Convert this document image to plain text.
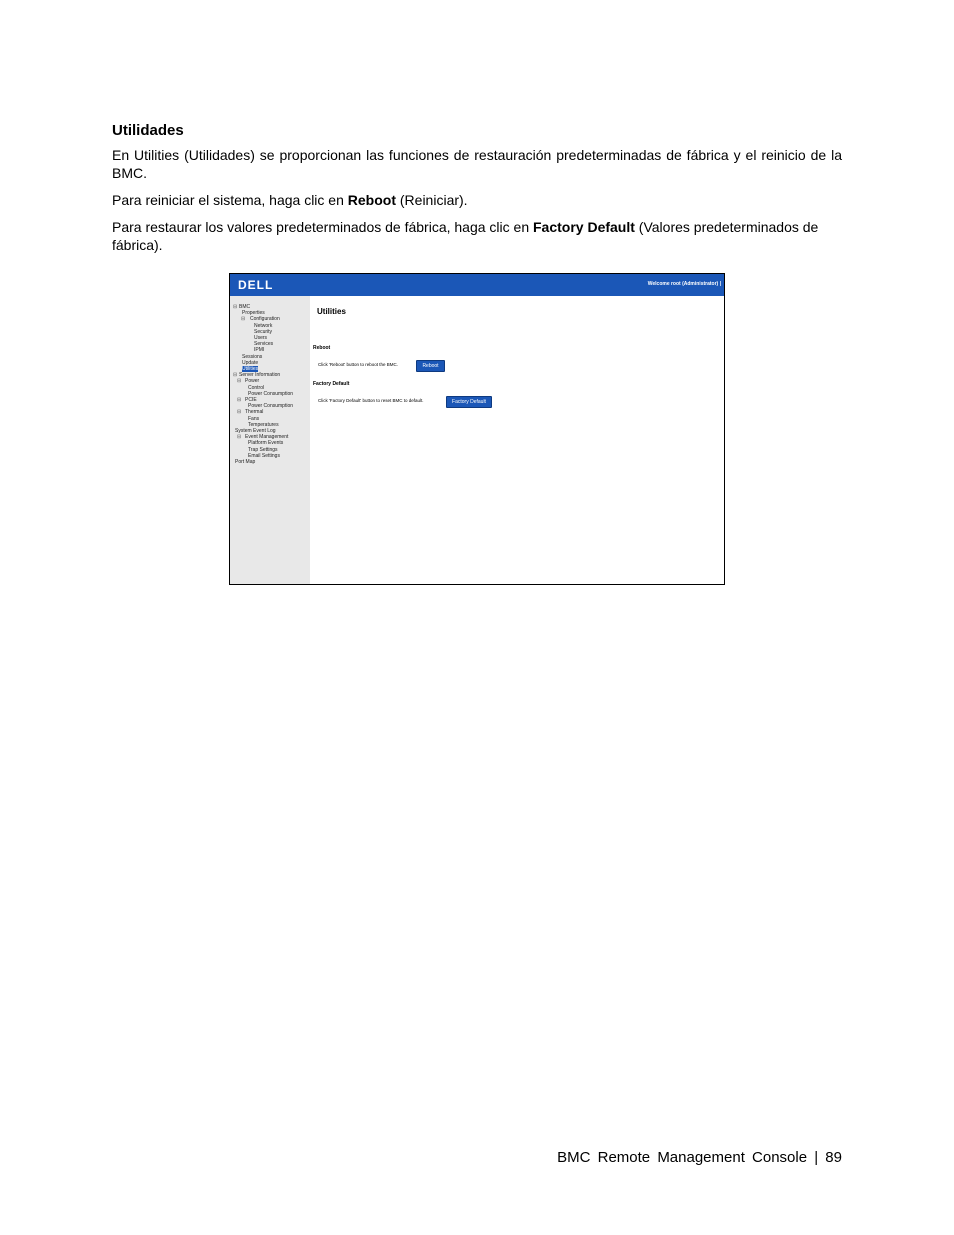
Utilidades

En Utilities (Utilidades) se proporcionan las funciones de restauración predeterminadas de fábrica y el reinicio de la BMC.

Para reiniciar el sistema, haga clic en Reboot (Reiniciar).

Para restaurar los valores predeterminados de fábrica, haga clic en Factory Default (Valores predeterminados de fábrica).

DELL	Welcome root (Administrator) |
⊟ BMC
Properties
⊟ Configuration
Network
Security
Users
Services
IPMI
Sessions
Update
Utilities
⊟ Server Information
⊟ Power
Control
Power Consumption
⊟ PCIE
Power Consumption
⊟ Thermal
Fans
Temperatures
System Event Log
⊟ Event Management
Platform Events
Trap Settings
Email Settings
Port Map
Utilities
Reboot
Click 'Reboot' button to reboot the BMC.	Reboot
Factory Default
Click 'Factory Default' button to reset BMC to default.	Factory Default
BMC Remote Management Console | 89
